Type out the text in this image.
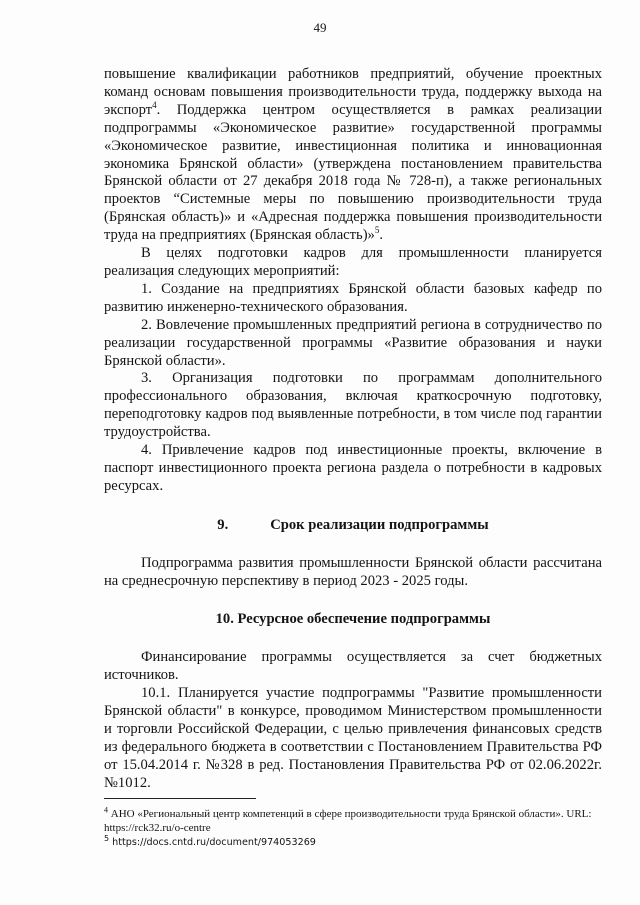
49

повышение квалификации работников предприятий, обучение проектных команд основам повышения производительности труда, поддержку выхода на экспорт$^4$. Поддержка центром осуществляется в рамках реализации подпрограммы «Экономическое развитие» государственной программы «Экономическое развитие, инвестиционная политика и инновационная экономика Брянской области» (утверждена постановлением правительства Брянской области от 27 декабря 2018 года № 728-п), а также региональных проектов “Системные меры по повышению производительности труда (Брянская область)» и «Адресная поддержка повышения производительности труда на предприятиях (Брянская область)»$^5$.

В целях подготовки кадров для промышленности планируется реализация следующих мероприятий:

1. Создание на предприятиях Брянской области базовых кафедр по развитию инженерно-технического образования.

2. Вовлечение промышленных предприятий региона в сотрудничество по реализации государственной программы «Развитие образования и науки Брянской области».

3. Организация подготовки по программам дополнительного профессионального образования, включая краткосрочную подготовку, переподготовку кадров под выявленные потребности, в том числе под гарантии трудоустройства.

4. Привлечение кадров под инвестиционные проекты, включение в паспорт инвестиционного проекта региона раздела о потребности в кадровых ресурсах.

9.	Срок реализации подпрограммы

Подпрограмма развития промышленности Брянской области рассчитана на среднесрочную перспективу в период 2023 - 2025 годы.

10. Ресурсное обеспечение подпрограммы

Финансирование программы осуществляется за счет бюджетных источников.

10.1. Планируется участие подпрограммы "Развитие промышленности Брянской области" в конкурсе, проводимом Министерством промышленности и торговли Российской Федерации, с целью привлечения финансовых средств из федерального бюджета в соответствии с Постановлением Правительства РФ от 15.04.2014 г. №328 в ред. Постановления Правительства РФ от 02.06.2022г. №1012.

$^4$ АНО «Региональный центр компетенций в сфере производительности труда Брянской области». URL: https://rck32.ru/o-centre
$^5$ https://docs.cntd.ru/document/974053269
